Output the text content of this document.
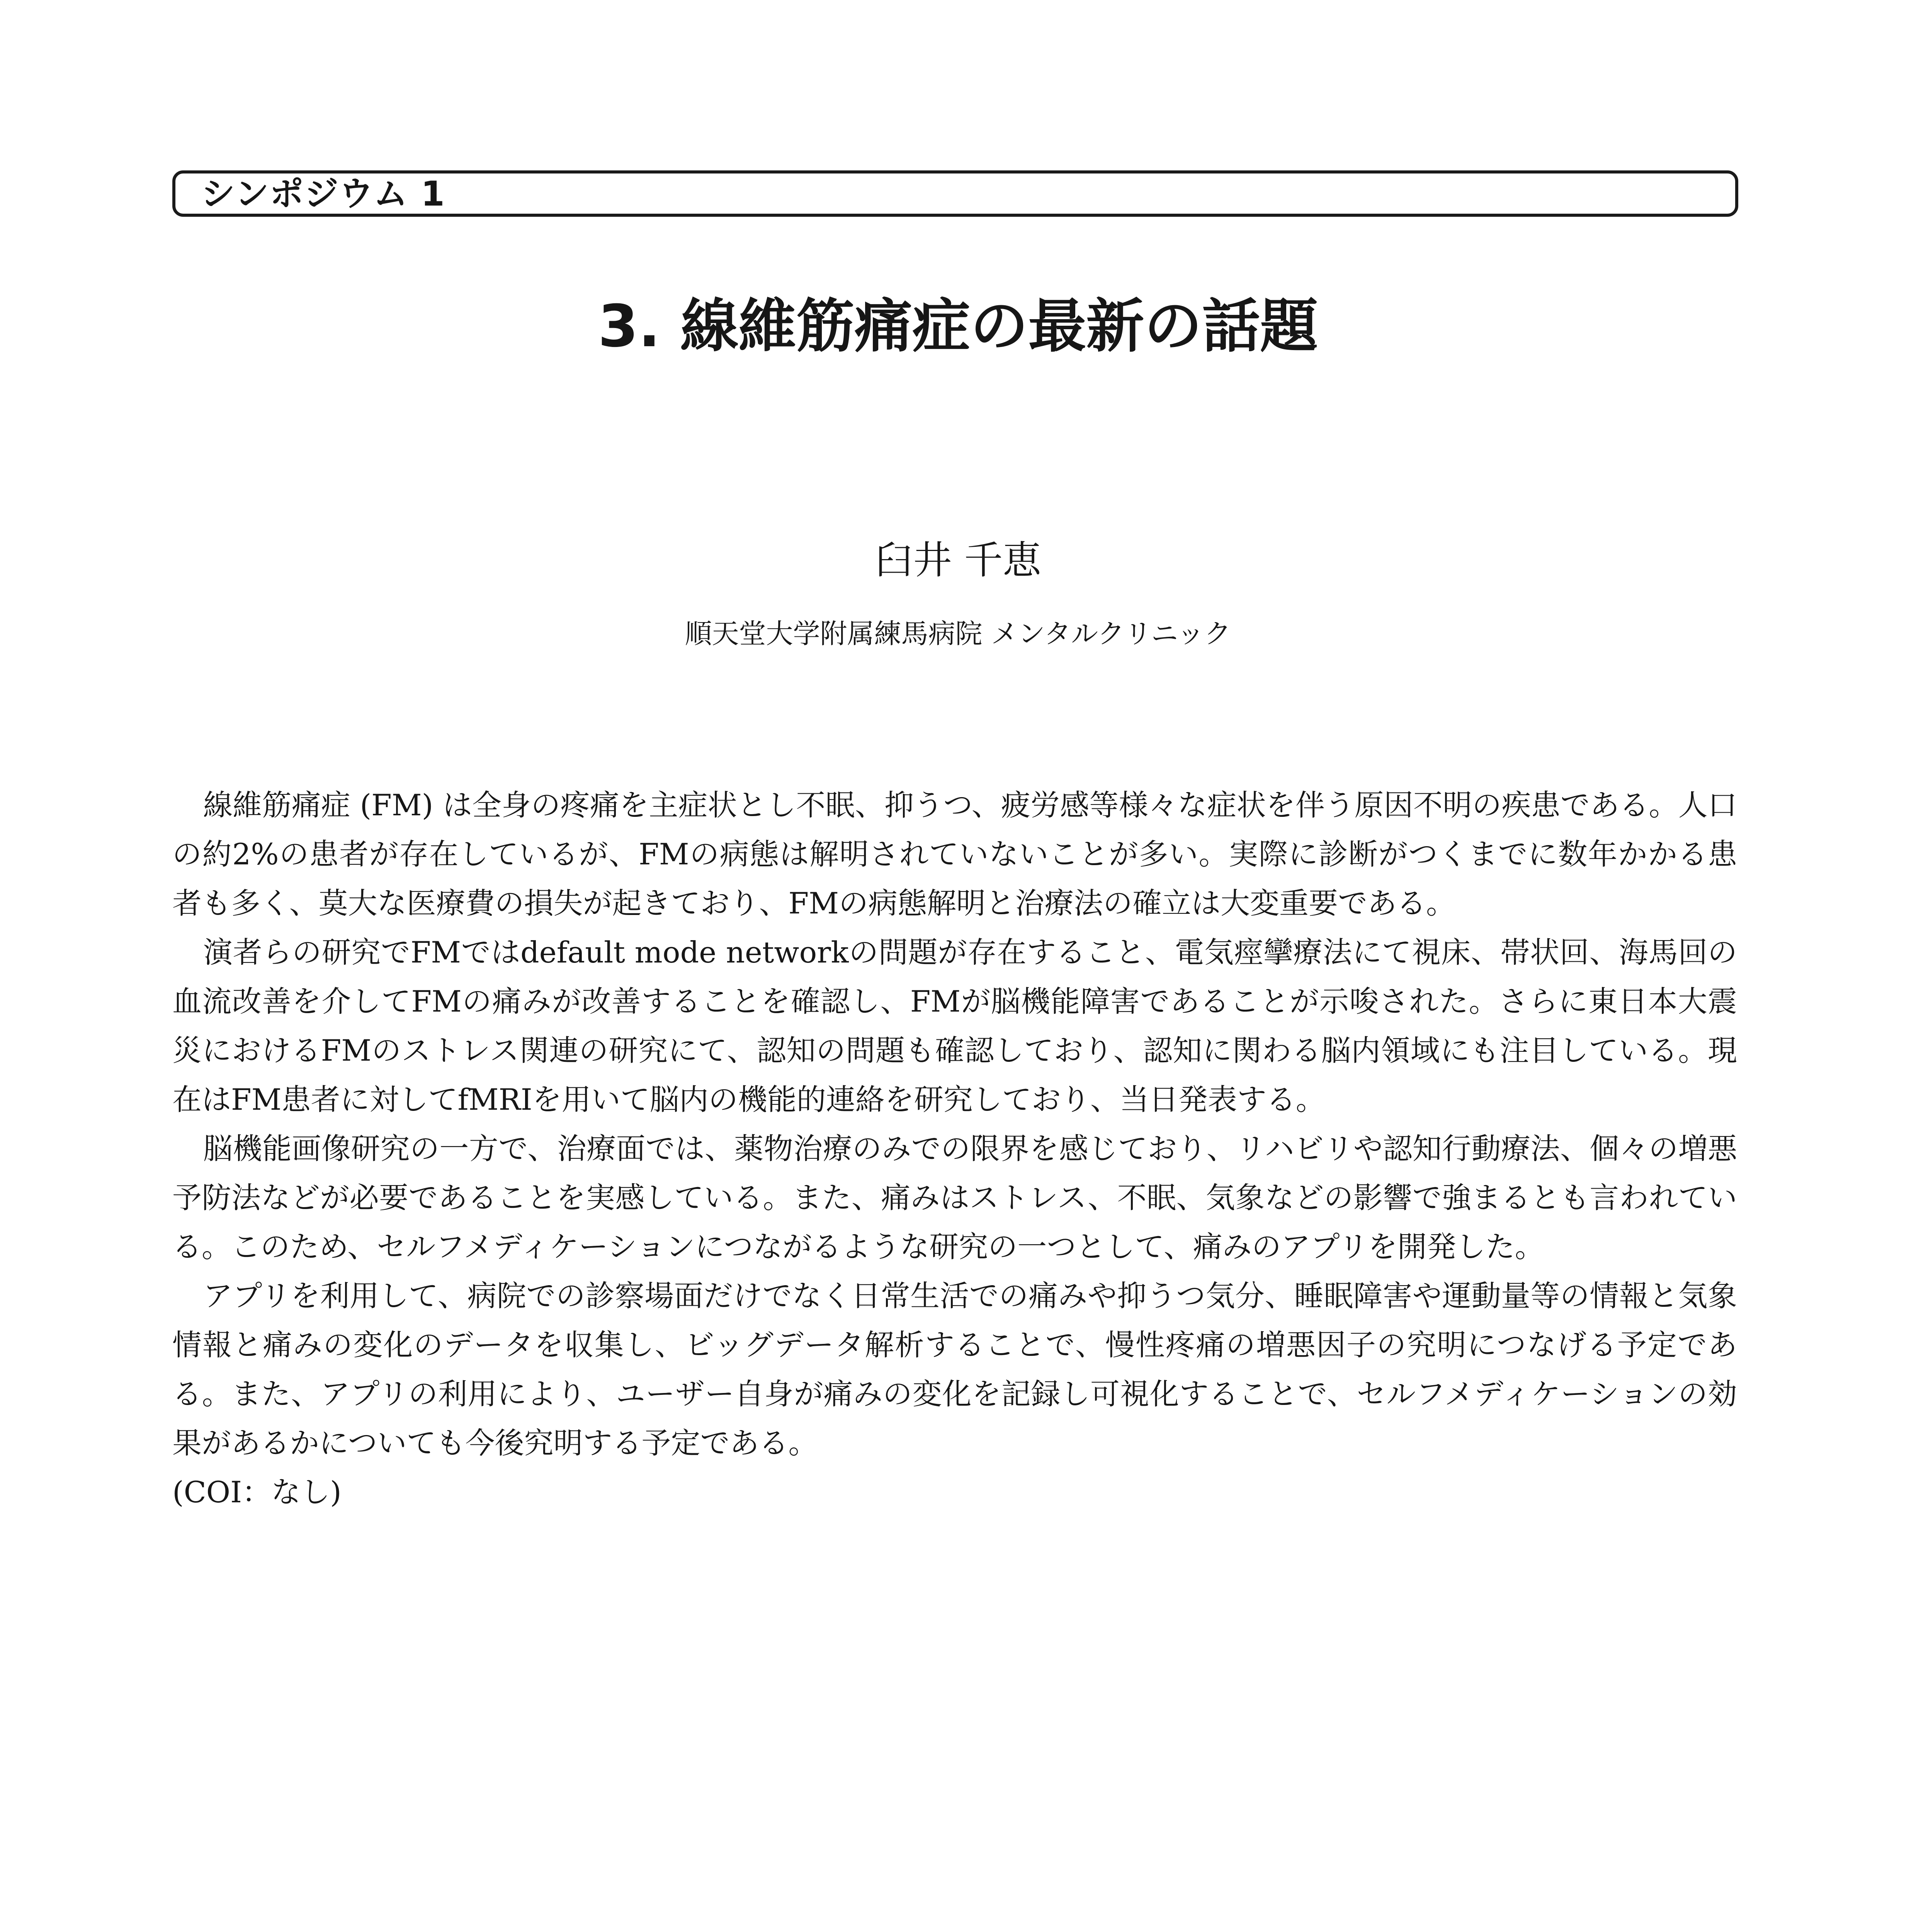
シンポジウム 1
3. 線維筋痛症の最新の話題
臼井 千恵
順天堂大学附属練馬病院 メンタルクリニック

線維筋痛症 (FM) は全身の疼痛を主症状とし不眠、抑うつ、疲労感等様々な症状を伴う原因不明の疾患である。人口の約2%の患者が存在しているが、FMの病態は解明されていないことが多い。実際に診断がつくまでに数年かかる患者も多く、莫大な医療費の損失が起きており、FMの病態解明と治療法の確立は大変重要である。

演者らの研究でFMではdefault mode networkの問題が存在すること、電気痙攣療法にて視床、帯状回、海馬回の血流改善を介してFMの痛みが改善することを確認し、FMが脳機能障害であることが示唆された。さらに東日本大震災におけるFMのストレス関連の研究にて、認知の問題も確認しており、認知に関わる脳内領域にも注目している。現在はFM患者に対してfMRIを用いて脳内の機能的連絡を研究しており、当日発表する。

脳機能画像研究の一方で、治療面では、薬物治療のみでの限界を感じており、リハビリや認知行動療法、個々の増悪予防法などが必要であることを実感している。また、痛みはストレス、不眠、気象などの影響で強まるとも言われている。このため、セルフメディケーションにつながるような研究の一つとして、痛みのアプリを開発した。

アプリを利用して、病院での診察場面だけでなく日常生活での痛みや抑うつ気分、睡眠障害や運動量等の情報と気象情報と痛みの変化のデータを収集し、ビッグデータ解析することで、慢性疼痛の増悪因子の究明につなげる予定である。また、アプリの利用により、ユーザー自身が痛みの変化を記録し可視化することで、セルフメディケーションの効果があるかについても今後究明する予定である。

(COI：なし)
